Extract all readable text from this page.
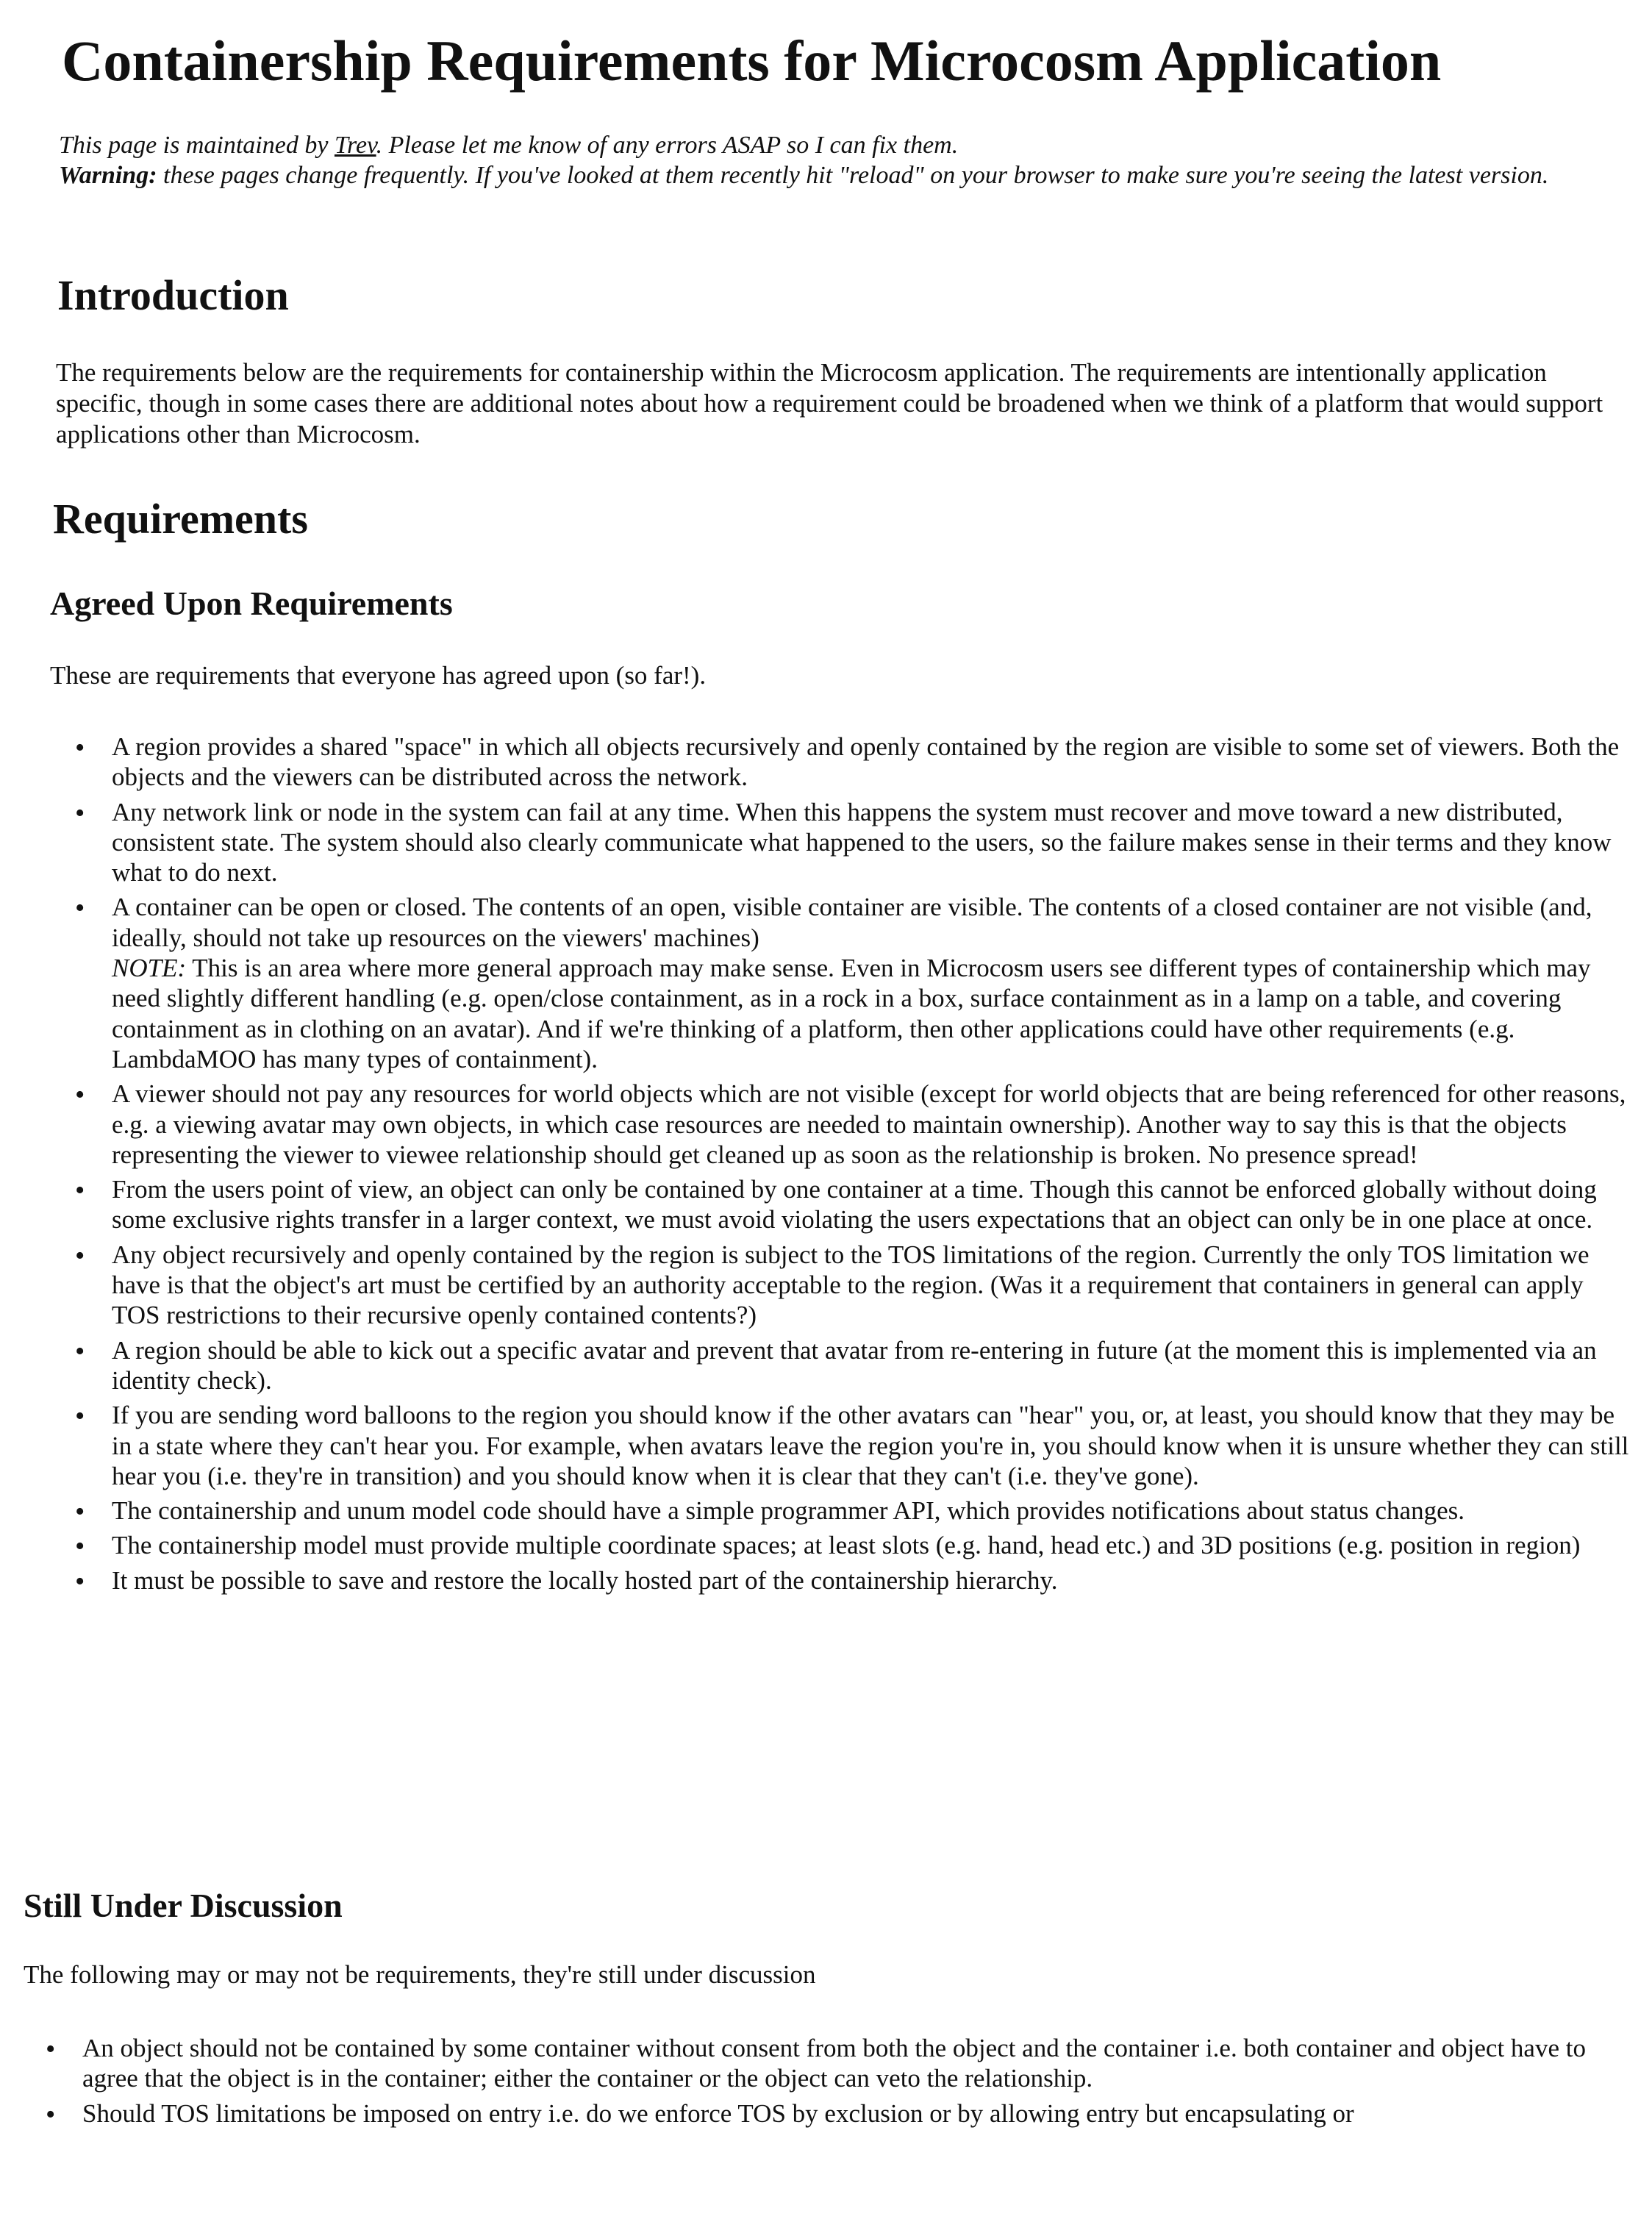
Containership Requirements for Microcosm Application
This page is maintained by Trev. Please let me know of any errors ASAP so I can fix them.
Warning: these pages change frequently. If you've looked at them recently hit "reload" on your browser to make sure you're seeing the latest version.
Introduction

The requirements below are the requirements for containership within the Microcosm application. The requirements are intentionally application specific, though in some cases there are additional notes about how a requirement could be broadened when we think of a platform that would support applications other than Microcosm.

Requirements
Agreed Upon Requirements

These are requirements that everyone has agreed upon (so far!).

• A region provides a shared "space" in which all objects recursively and openly contained by the region are visible to some set of viewers. Both the objects and the viewers can be distributed across the network.
• Any network link or node in the system can fail at any time. When this happens the system must recover and move toward a new distributed, consistent state. The system should also clearly communicate what happened to the users, so the failure makes sense in their terms and they know what to do next.
• A container can be open or closed. The contents of an open, visible container are visible. The contents of a closed container are not visible (and, ideally, should not take up resources on the viewers' machines)
NOTE: This is an area where more general approach may make sense. Even in Microcosm users see different types of containership which may need slightly different handling (e.g. open/close containment, as in a rock in a box, surface containment as in a lamp on a table, and covering containment as in clothing on an avatar). And if we're thinking of a platform, then other applications could have other requirements (e.g. LambdaMOO has many types of containment).
• A viewer should not pay any resources for world objects which are not visible (except for world objects that are being referenced for other reasons, e.g. a viewing avatar may own objects, in which case resources are needed to maintain ownership). Another way to say this is that the objects representing the viewer to viewee relationship should get cleaned up as soon as the relationship is broken. No presence spread!
• From the users point of view, an object can only be contained by one container at a time. Though this cannot be enforced globally without doing some exclusive rights transfer in a larger context, we must avoid violating the users expectations that an object can only be in one place at once.
• Any object recursively and openly contained by the region is subject to the TOS limitations of the region. Currently the only TOS limitation we have is that the object's art must be certified by an authority acceptable to the region. (Was it a requirement that containers in general can apply TOS restrictions to their recursive openly contained contents?)
• A region should be able to kick out a specific avatar and prevent that avatar from re-entering in future (at the moment this is implemented via an identity check).
• If you are sending word balloons to the region you should know if the other avatars can "hear" you, or, at least, you should know that they may be in a state where they can't hear you. For example, when avatars leave the region you're in, you should know when it is unsure whether they can still hear you (i.e. they're in transition) and you should know when it is clear that they can't (i.e. they've gone).
• The containership and unum model code should have a simple programmer API, which provides notifications about status changes.
• The containership model must provide multiple coordinate spaces; at least slots (e.g. hand, head etc.) and 3D positions (e.g. position in region)
• It must be possible to save and restore the locally hosted part of the containership hierarchy.
Still Under Discussion

The following may or may not be requirements, they're still under discussion

• An object should not be contained by some container without consent from both the object and the container i.e. both container and object have to agree that the object is in the container; either the container or the object can veto the relationship.
• Should TOS limitations be imposed on entry i.e. do we enforce TOS by exclusion or by allowing entry but encapsulating or
